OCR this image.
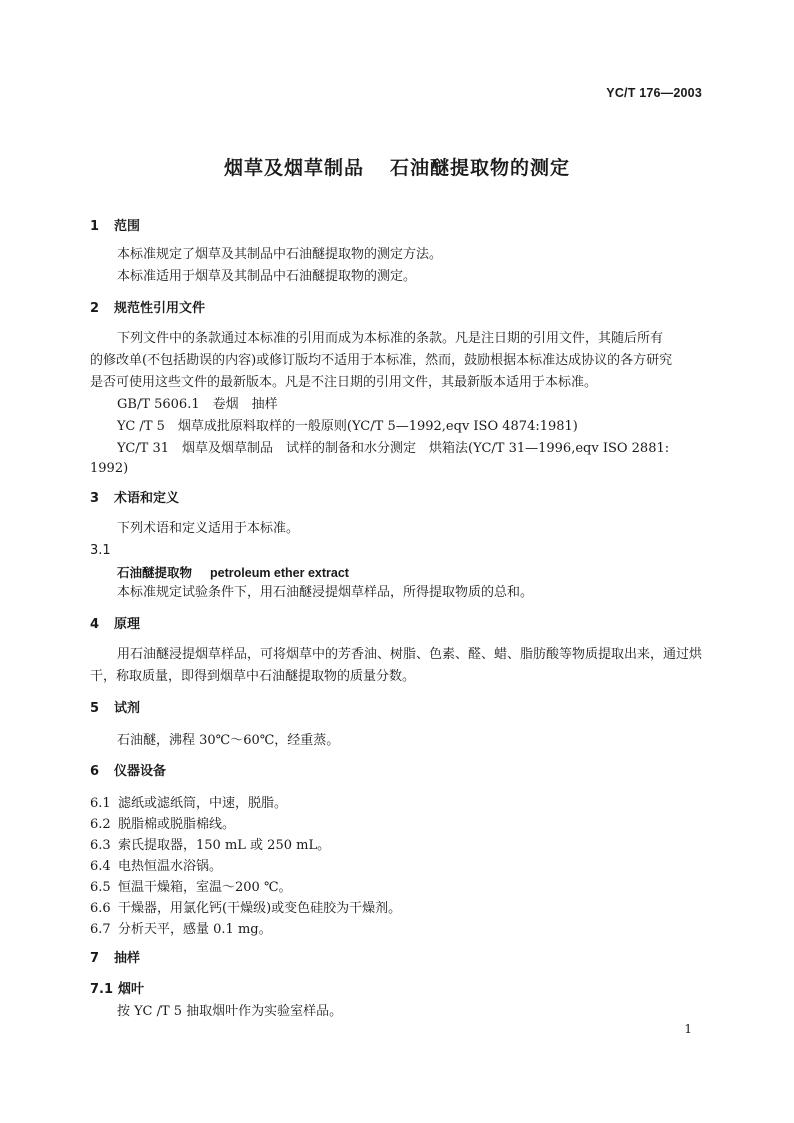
YC/T 176—2003
烟草及烟草制品 石油醚提取物的测定
1 范围
本标准规定了烟草及其制品中石油醚提取物的测定方法。
本标准适用于烟草及其制品中石油醚提取物的测定。
2 规范性引用文件
下列文件中的条款通过本标准的引用而成为本标准的条款。凡是注日期的引用文件，其随后所有
的修改单(不包括勘误的内容)或修订版均不适用于本标准，然而，鼓励根据本标准达成协议的各方研究
是否可使用这些文件的最新版本。凡是不注日期的引用文件，其最新版本适用于本标准。
GB/T 5606.1　卷烟　抽样
YC /T 5　烟草成批原料取样的一般原则(YC/T 5—1992,eqv ISO 4874:1981)
YC/T 31　烟草及烟草制品　试样的制备和水分测定　烘箱法(YC/T 31—1996,eqv ISO 2881:
1992)
3 术语和定义
下列术语和定义适用于本标准。
3.1
石油醚提取物 petroleum ether extract
本标准规定试验条件下，用石油醚浸提烟草样品，所得提取物质的总和。
4 原理
用石油醚浸提烟草样品，可将烟草中的芳香油、树脂、色素、醛、蜡、脂肪酸等物质提取出来，通过烘
干，称取质量，即得到烟草中石油醚提取物的质量分数。
5 试剂
石油醚，沸程 30℃～60℃，经重蒸。
6 仪器设备
6.1 滤纸或滤纸筒，中速，脱脂。
6.2 脱脂棉或脱脂棉线。
6.3 索氏提取器，150 mL 或 250 mL。
6.4 电热恒温水浴锅。
6.5 恒温干燥箱，室温～200 ℃。
6.6 干燥器，用氯化钙(干燥级)或变色硅胶为干燥剂。
6.7 分析天平，感量 0.1 mg。
7 抽样
7.1 烟叶
按 YC /T 5 抽取烟叶作为实验室样品。
1
